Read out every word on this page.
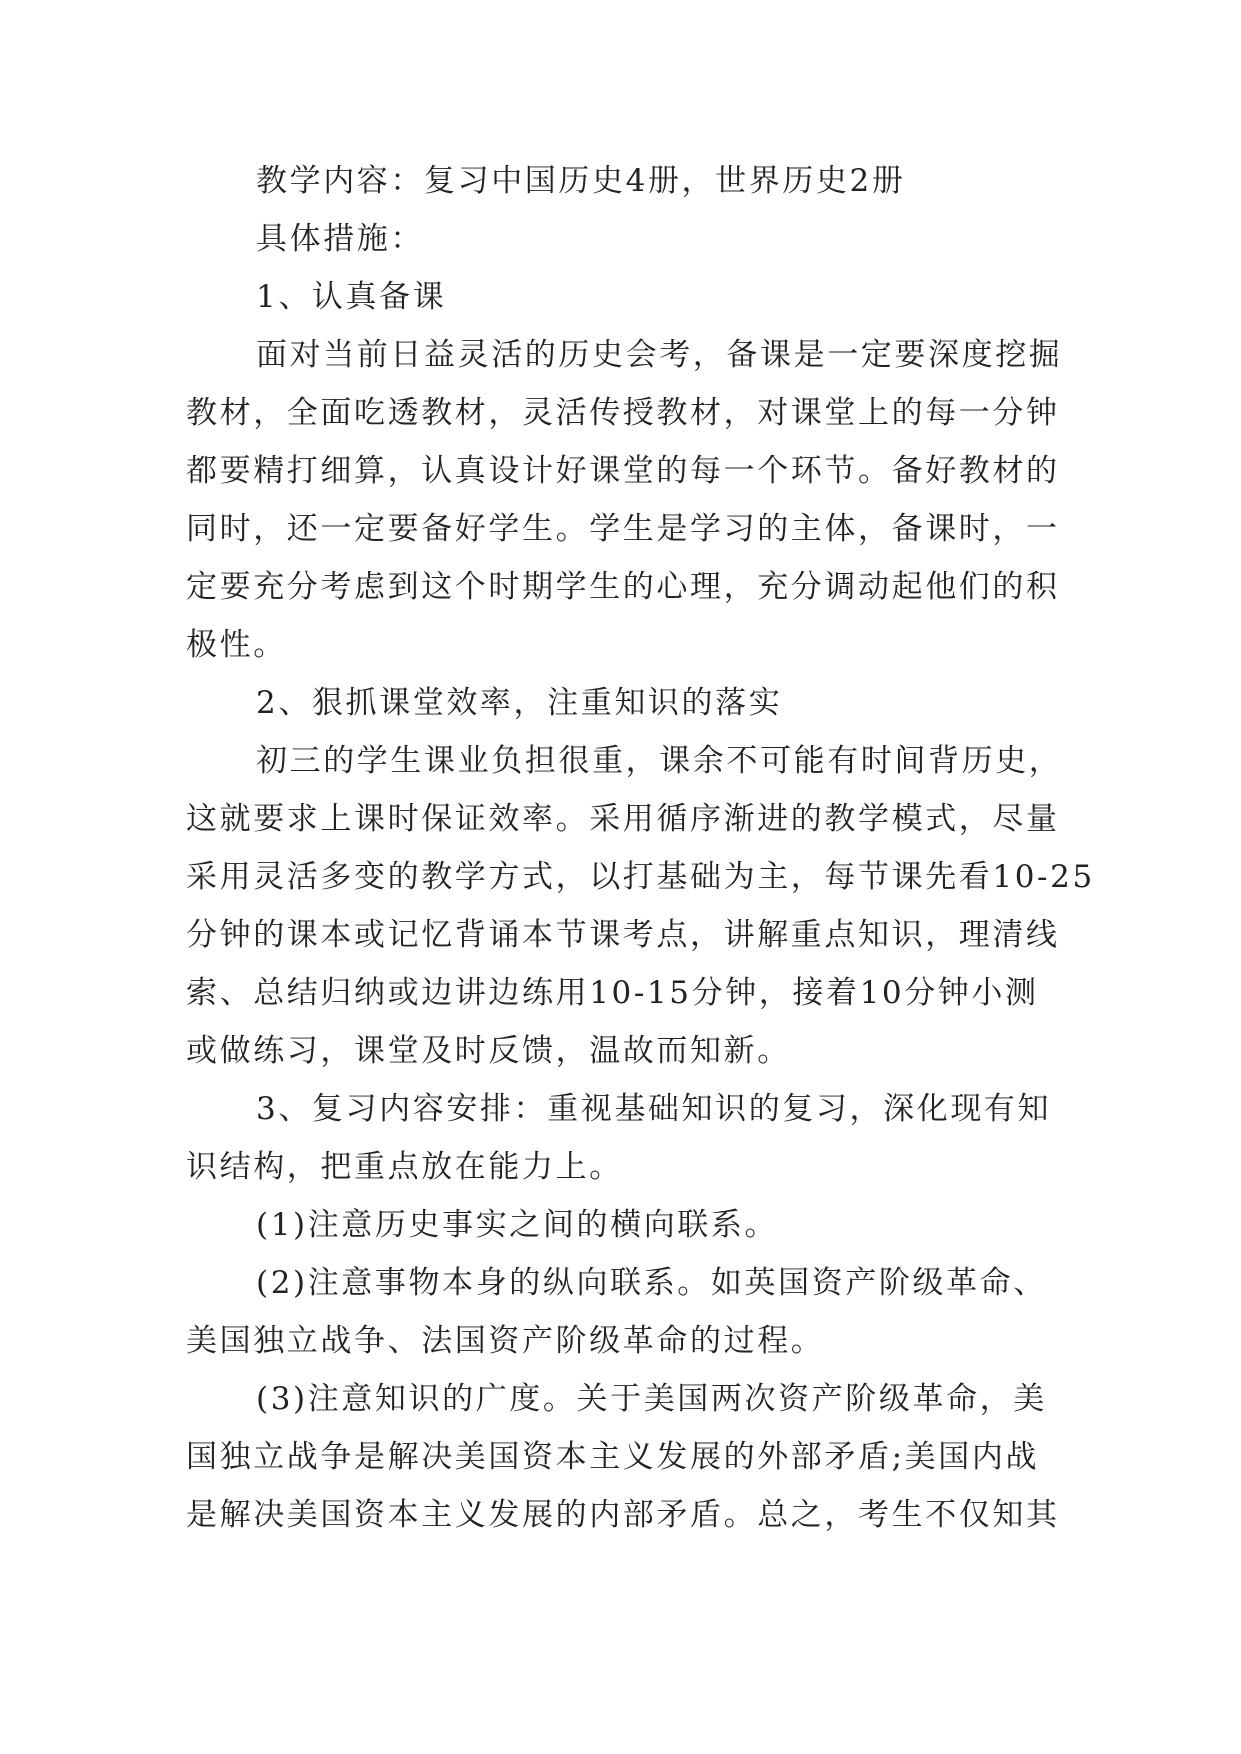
教学内容：复习中国历史4册，世界历史2册
具体措施：
1、认真备课
面对当前日益灵活的历史会考，备课是一定要深度挖掘
教材，全面吃透教材，灵活传授教材，对课堂上的每一分钟
都要精打细算，认真设计好课堂的每一个环节。备好教材的
同时，还一定要备好学生。学生是学习的主体，备课时，一
定要充分考虑到这个时期学生的心理，充分调动起他们的积
极性。
2、狠抓课堂效率，注重知识的落实
初三的学生课业负担很重，课余不可能有时间背历史，
这就要求上课时保证效率。采用循序渐进的教学模式，尽量
采用灵活多变的教学方式，以打基础为主，每节课先看10-25
分钟的课本或记忆背诵本节课考点，讲解重点知识，理清线
索、总结归纳或边讲边练用10-15分钟，接着10分钟小测
或做练习，课堂及时反馈，温故而知新。
3、复习内容安排：重视基础知识的复习，深化现有知
识结构，把重点放在能力上。
(1)注意历史事实之间的横向联系。
(2)注意事物本身的纵向联系。如英国资产阶级革命、
美国独立战争、法国资产阶级革命的过程。
(3)注意知识的广度。关于美国两次资产阶级革命，美
国独立战争是解决美国资本主义发展的外部矛盾;美国内战
是解决美国资本主义发展的内部矛盾。总之，考生不仅知其
